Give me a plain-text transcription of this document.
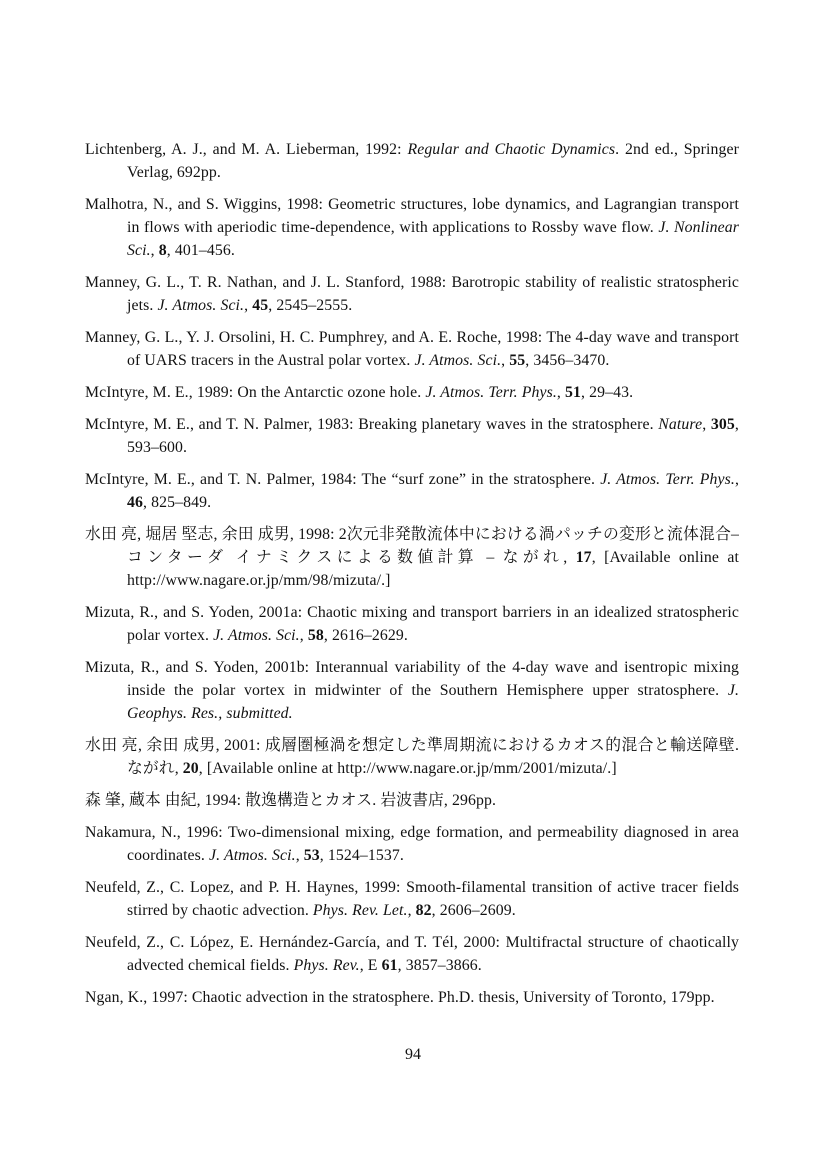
Lichtenberg, A. J., and M. A. Lieberman, 1992: Regular and Chaotic Dynamics. 2nd ed., Springer Verlag, 692pp.

Malhotra, N., and S. Wiggins, 1998: Geometric structures, lobe dynamics, and Lagrangian transport in flows with aperiodic time-dependence, with applications to Rossby wave flow. J. Nonlinear Sci., 8, 401–456.

Manney, G. L., T. R. Nathan, and J. L. Stanford, 1988: Barotropic stability of realistic stratospheric jets. J. Atmos. Sci., 45, 2545–2555.

Manney, G. L., Y. J. Orsolini, H. C. Pumphrey, and A. E. Roche, 1998: The 4-day wave and transport of UARS tracers in the Austral polar vortex. J. Atmos. Sci., 55, 3456–3470.

McIntyre, M. E., 1989: On the Antarctic ozone hole. J. Atmos. Terr. Phys., 51, 29–43.

McIntyre, M. E., and T. N. Palmer, 1983: Breaking planetary waves in the stratosphere. Nature, 305, 593–600.

McIntyre, M. E., and T. N. Palmer, 1984: The “surf zone” in the stratosphere. J. Atmos. Terr. Phys., 46, 825–849.

水田 亮, 堀居 堅志, 余田 成男, 1998: 2次元非発散流体中における渦パッチの変形と流体混合– コンターダ イナミクスによる数値計算 – ながれ, 17, [Available online at http://www.nagare.or.jp/mm/98/mizuta/.]

Mizuta, R., and S. Yoden, 2001a: Chaotic mixing and transport barriers in an idealized stratospheric polar vortex. J. Atmos. Sci., 58, 2616–2629.

Mizuta, R., and S. Yoden, 2001b: Interannual variability of the 4-day wave and isentropic mixing inside the polar vortex in midwinter of the Southern Hemisphere upper stratosphere. J. Geophys. Res., submitted.

水田 亮, 余田 成男, 2001: 成層圏極渦を想定した準周期流におけるカオス的混合と輸送障壁. ながれ, 20, [Available online at http://www.nagare.or.jp/mm/2001/mizuta/.]

森 肇, 蔵本 由紀, 1994: 散逸構造とカオス. 岩波書店, 296pp.

Nakamura, N., 1996: Two-dimensional mixing, edge formation, and permeability diagnosed in area coordinates. J. Atmos. Sci., 53, 1524–1537.

Neufeld, Z., C. Lopez, and P. H. Haynes, 1999: Smooth-filamental transition of active tracer fields stirred by chaotic advection. Phys. Rev. Let., 82, 2606–2609.

Neufeld, Z., C. López, E. Hernández-García, and T. Tél, 2000: Multifractal structure of chaotically advected chemical fields. Phys. Rev., E 61, 3857–3866.

Ngan, K., 1997: Chaotic advection in the stratosphere. Ph.D. thesis, University of Toronto, 179pp.

94
